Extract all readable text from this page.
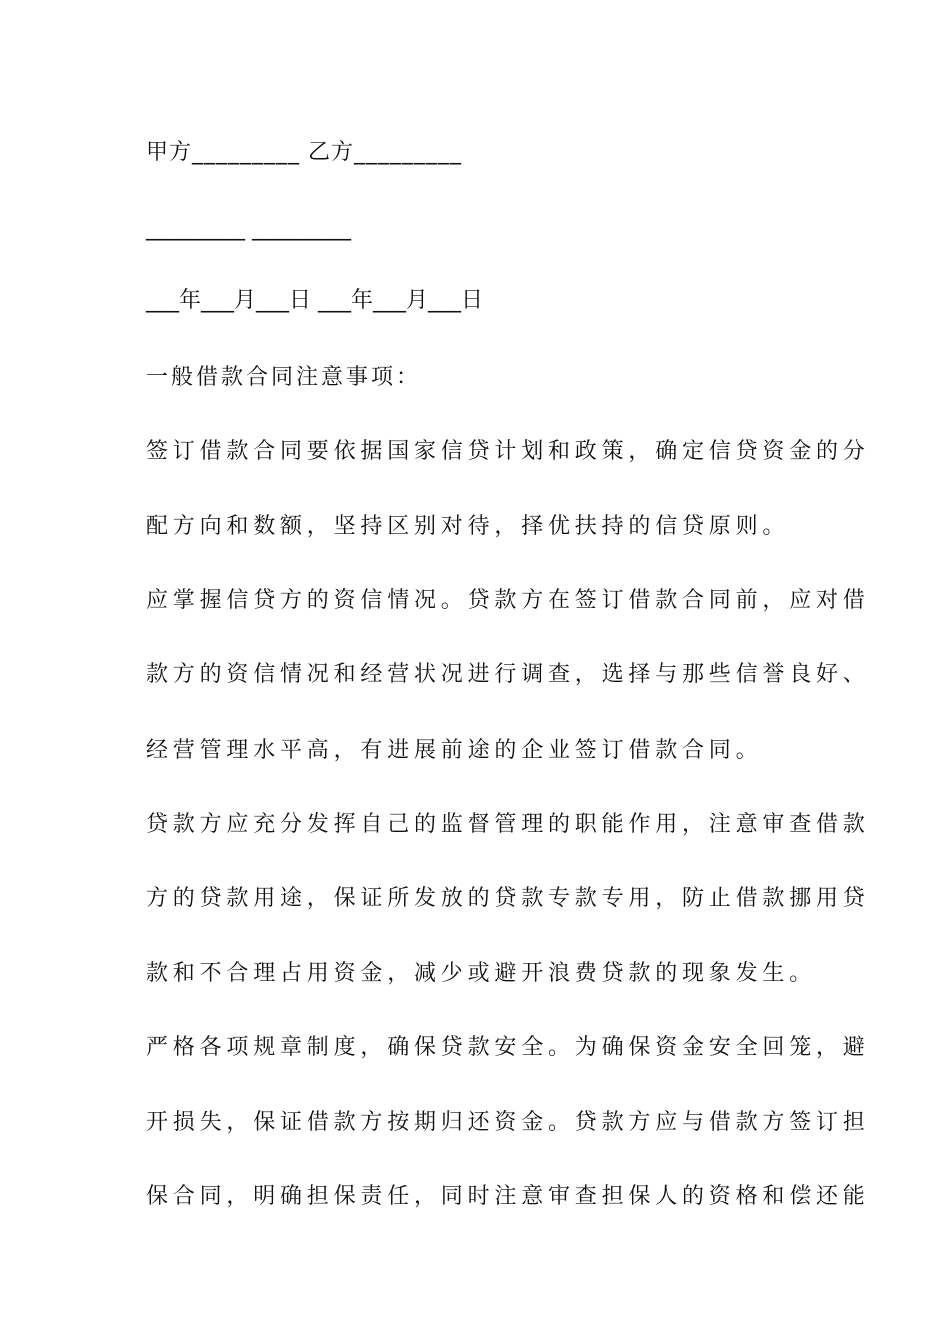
甲方_________ 乙方_________
_________ _________
___年___月___日 ___年___月___日
一般借款合同注意事项：
签订借款合同要依据国家信贷计划和政策，确定信贷资金的分
配方向和数额，坚持区别对待，择优扶持的信贷原则。
应掌握信贷方的资信情况。贷款方在签订借款合同前，应对借
款方的资信情况和经营状况进行调查，选择与那些信誉良好、
经营管理水平高，有进展前途的企业签订借款合同。
贷款方应充分发挥自己的监督管理的职能作用，注意审查借款
方的贷款用途，保证所发放的贷款专款专用，防止借款挪用贷
款和不合理占用资金，减少或避开浪费贷款的现象发生。
严格各项规章制度，确保贷款安全。为确保资金安全回笼，避
开损失，保证借款方按期归还资金。贷款方应与借款方签订担
保合同，明确担保责任，同时注意审查担保人的资格和偿还能
